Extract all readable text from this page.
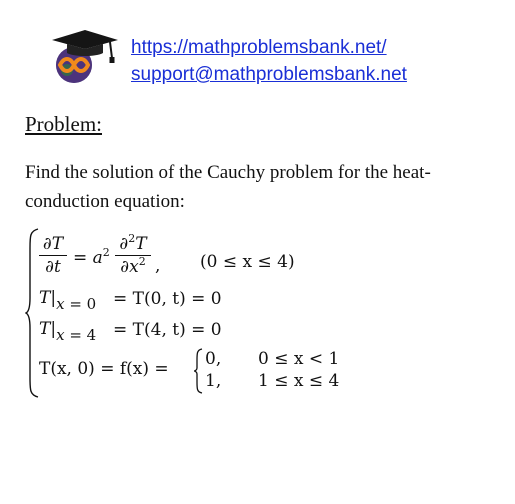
https://mathproblemsbank.net/
support@mathproblemsbank.net
Problem:
Find the solution of the Cauchy problem for the heat-conduction equation:
∂T
$\partial t = a^2$ ∂$^2$T
$\partial x^2$ , (0 ≤ x ≤ 4)
T|x = 0 = T(0, t) = 0
T|x = 4 = T(4, t) = 0
T(x, 0) = f(x) = 0, 0 ≤ x < 1
1, 1 ≤ x ≤ 4
